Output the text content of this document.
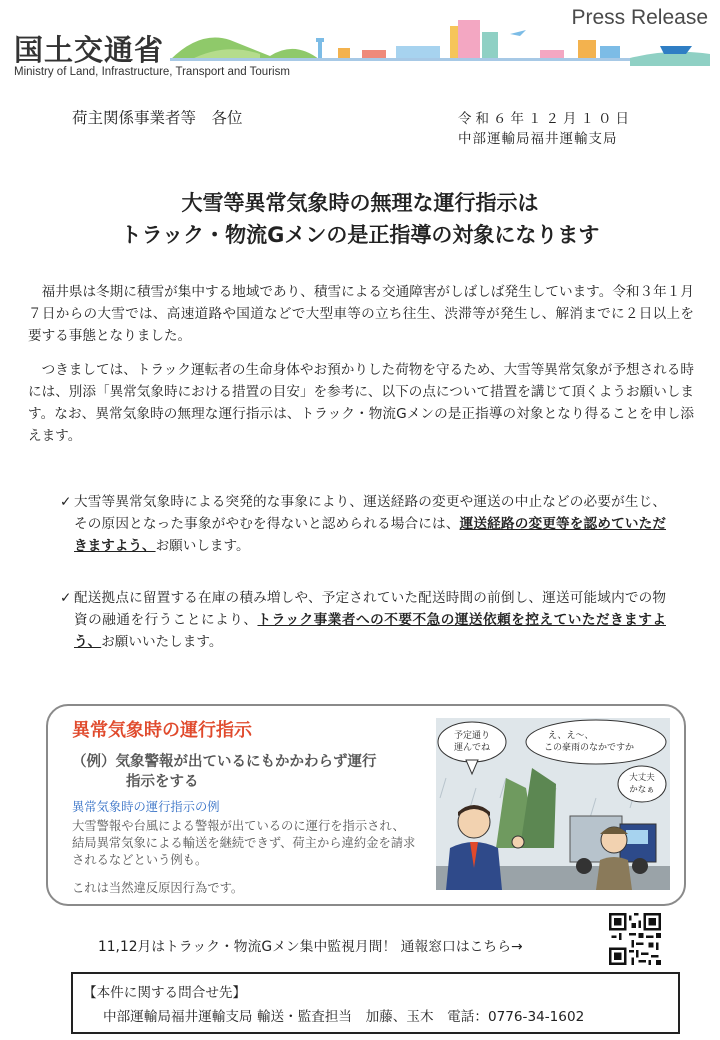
国土交通省
Ministry of Land, Infrastructure, Transport and Tourism
Press Release
荷主関係事業者等　各位	令和６年１２月１０日
中部運輸局福井運輸支局
大雪等異常気象時の無理な運行指示は
トラック・物流Gメンの是正指導の対象になります

福井県は冬期に積雪が集中する地域であり、積雪による交通障害がしばしば発生しています。令和３年１月７日からの大雪では、高速道路や国道などで大型車等の立ち往生、渋滞等が発生し、解消までに２日以上を要する事態となりました。

つきましては、トラック運転者の生命身体やお預かりした荷物を守るため、大雪等異常気象が予想される時には、別添「異常気象時における措置の目安」を参考に、以下の点について措置を講じて頂くようお願いします。なお、異常気象時の無理な運行指示は、トラック・物流Gメンの是正指導の対象となり得ることを申し添えます。

✓ 大雪等異常気象時による突発的な事象により、運送経路の変更や運送の中止などの必要が生じ、その原因となった事象がやむを得ないと認められる場合には、運送経路の変更等を認めていただきますよう、お願いします。
✓ 配送拠点に留置する在庫の積み増しや、予定されていた配送時間の前倒し、運送可能域内での物資の融通を行うことにより、トラック事業者への不要不急の運送依頼を控えていただきますよう、お願いいたします。
異常気象時の運行指示
（例）気象警報が出ているにもかかわらず運行
指示をする
異常気象時の運行指示の例
大雪警報や台風による警報が出ているのに運行を指示され、結局異常気象による輸送を継続できず、荷主から違約金を請求されるなどという例も。
これは当然違反原因行為です。
予定通り
運んでね
え、え〜、
この豪雨のなかですか
大丈夫
かなぁ
11,12月はトラック・物流Gメン集中監視月間！ 通報窓口はこちら→
【本件に関する問合せ先】
中部運輸局福井運輸支局 輸送・監査担当　加藤、玉木　電話：0776-34-1602
